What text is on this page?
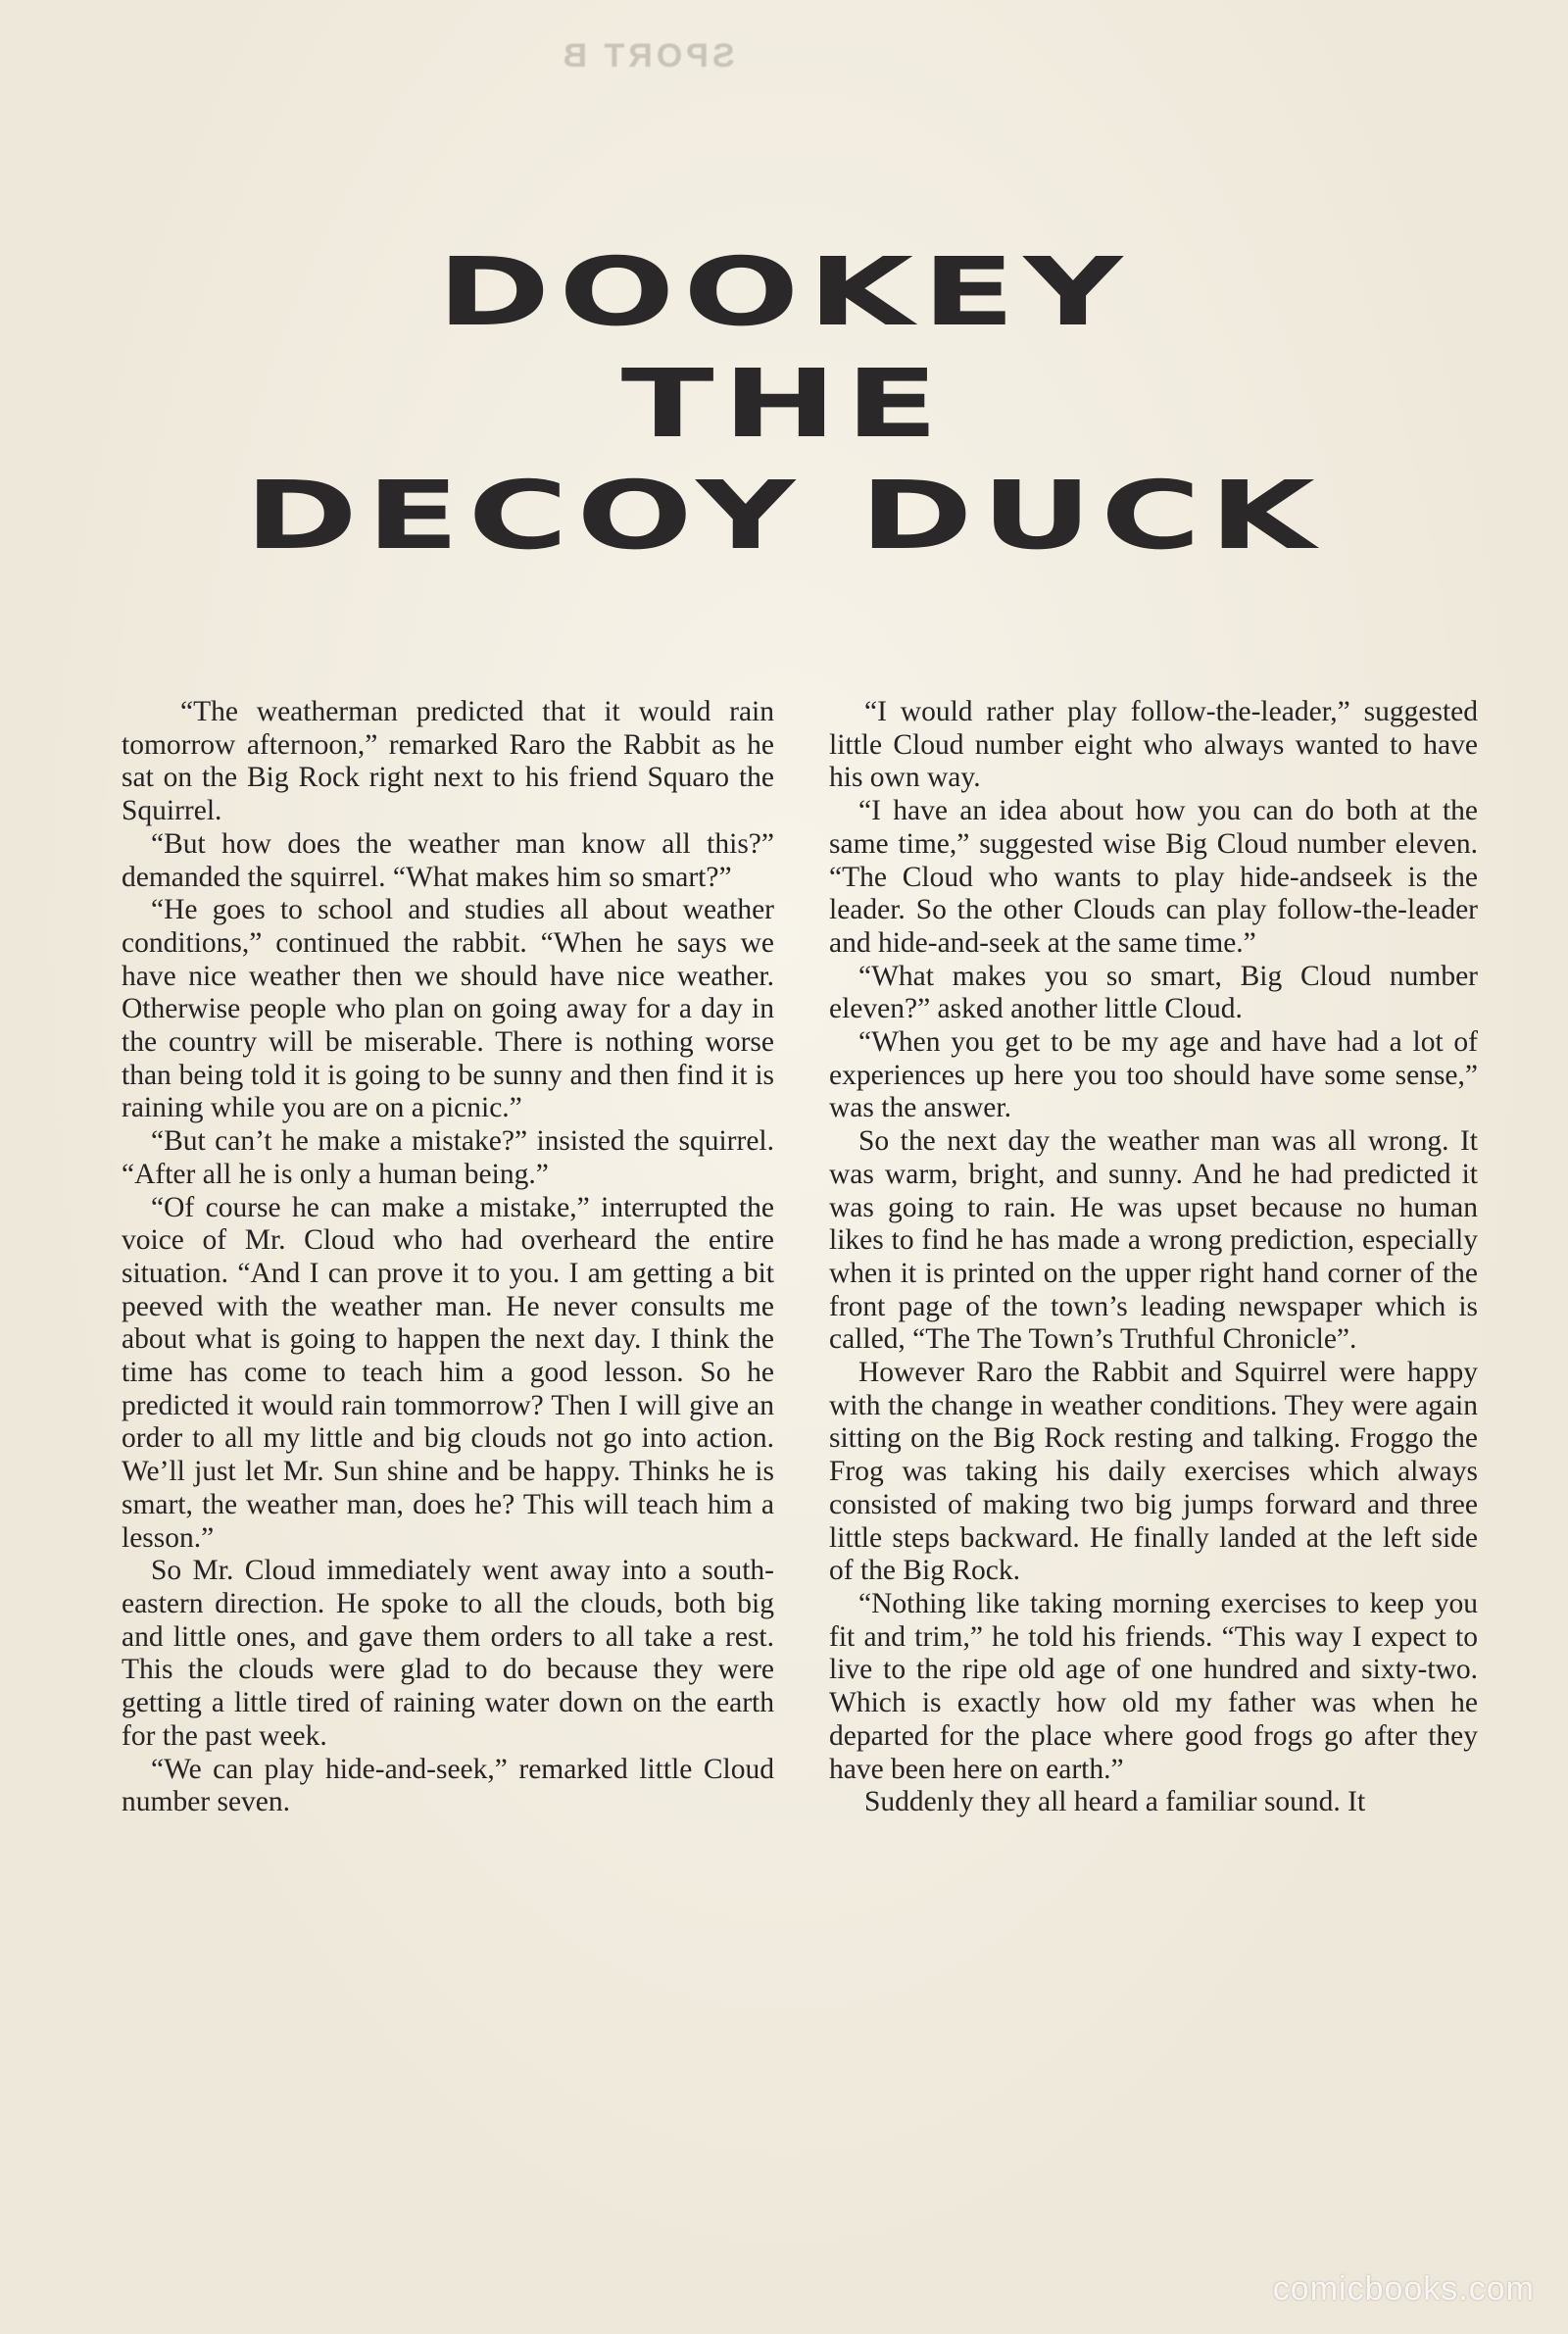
SPORT B
DOOKEY
THE
DECOY DUCK

“The weatherman predicted that it would rain tomorrow afternoon,” remarked Raro the Rabbit as he sat on the Big Rock right next to his friend Squaro the Squirrel.

“But how does the weather man know all this?” demanded the squirrel. “What makes him so smart?”

“He goes to school and studies all about weather conditions,” continued the rabbit. “When he says we have nice weather then we should have nice weather. Otherwise people who plan on going away for a day in the country will be miserable. There is nothing worse than being told it is going to be sunny and then find it is raining while you are on a picnic.”

“But can’t he make a mistake?” insisted the squirrel. “After all he is only a human being.”

“Of course he can make a mistake,” interrupted the voice of Mr. Cloud who had overheard the entire situation. “And I can prove it to you. I am getting a bit peeved with the weather man. He never consults me about what is going to happen the next day. I think the time has come to teach him a good lesson. So he predicted it would rain tommorrow? Then I will give an order to all my little and big clouds not go into action. We’ll just let Mr. Sun shine and be happy. Thinks he is smart, the weather man, does he? This will teach him a lesson.”

So Mr. Cloud immediately went away into a south-eastern direction. He spoke to all the clouds, both big and little ones, and gave them orders to all take a rest. This the clouds were glad to do because they were getting a little tired of raining water down on the earth for the past week.

“We can play hide-and-seek,” remarked little Cloud number seven.

“I would rather play follow-the-leader,” suggested little Cloud number eight who always wanted to have his own way.

“I have an idea about how you can do both at the same time,” suggested wise Big Cloud number eleven. “The Cloud who wants to play hide-andseek is the leader. So the other Clouds can play follow-the-leader and hide-and-seek at the same time.”

“What makes you so smart, Big Cloud number eleven?” asked another little Cloud.

“When you get to be my age and have had a lot of experiences up here you too should have some sense,” was the answer.

So the next day the weather man was all wrong. It was warm, bright, and sunny. And he had predicted it was going to rain. He was upset because no human likes to find he has made a wrong prediction, especially when it is printed on the upper right hand corner of the front page of the town’s leading newspaper which is called, “The The Town’s Truthful Chronicle”.

However Raro the Rabbit and Squirrel were happy with the change in weather conditions. They were again sitting on the Big Rock resting and talking. Froggo the Frog was taking his daily exercises which always consisted of making two big jumps forward and three little steps backward. He finally landed at the left side of the Big Rock.

“Nothing like taking morning exercises to keep you fit and trim,” he told his friends. “This way I expect to live to the ripe old age of one hundred and sixty-two. Which is exactly how old my father was when he departed for the place where good frogs go after they have been here on earth.”

Suddenly they all heard a familiar sound. It

comicbooks.com
